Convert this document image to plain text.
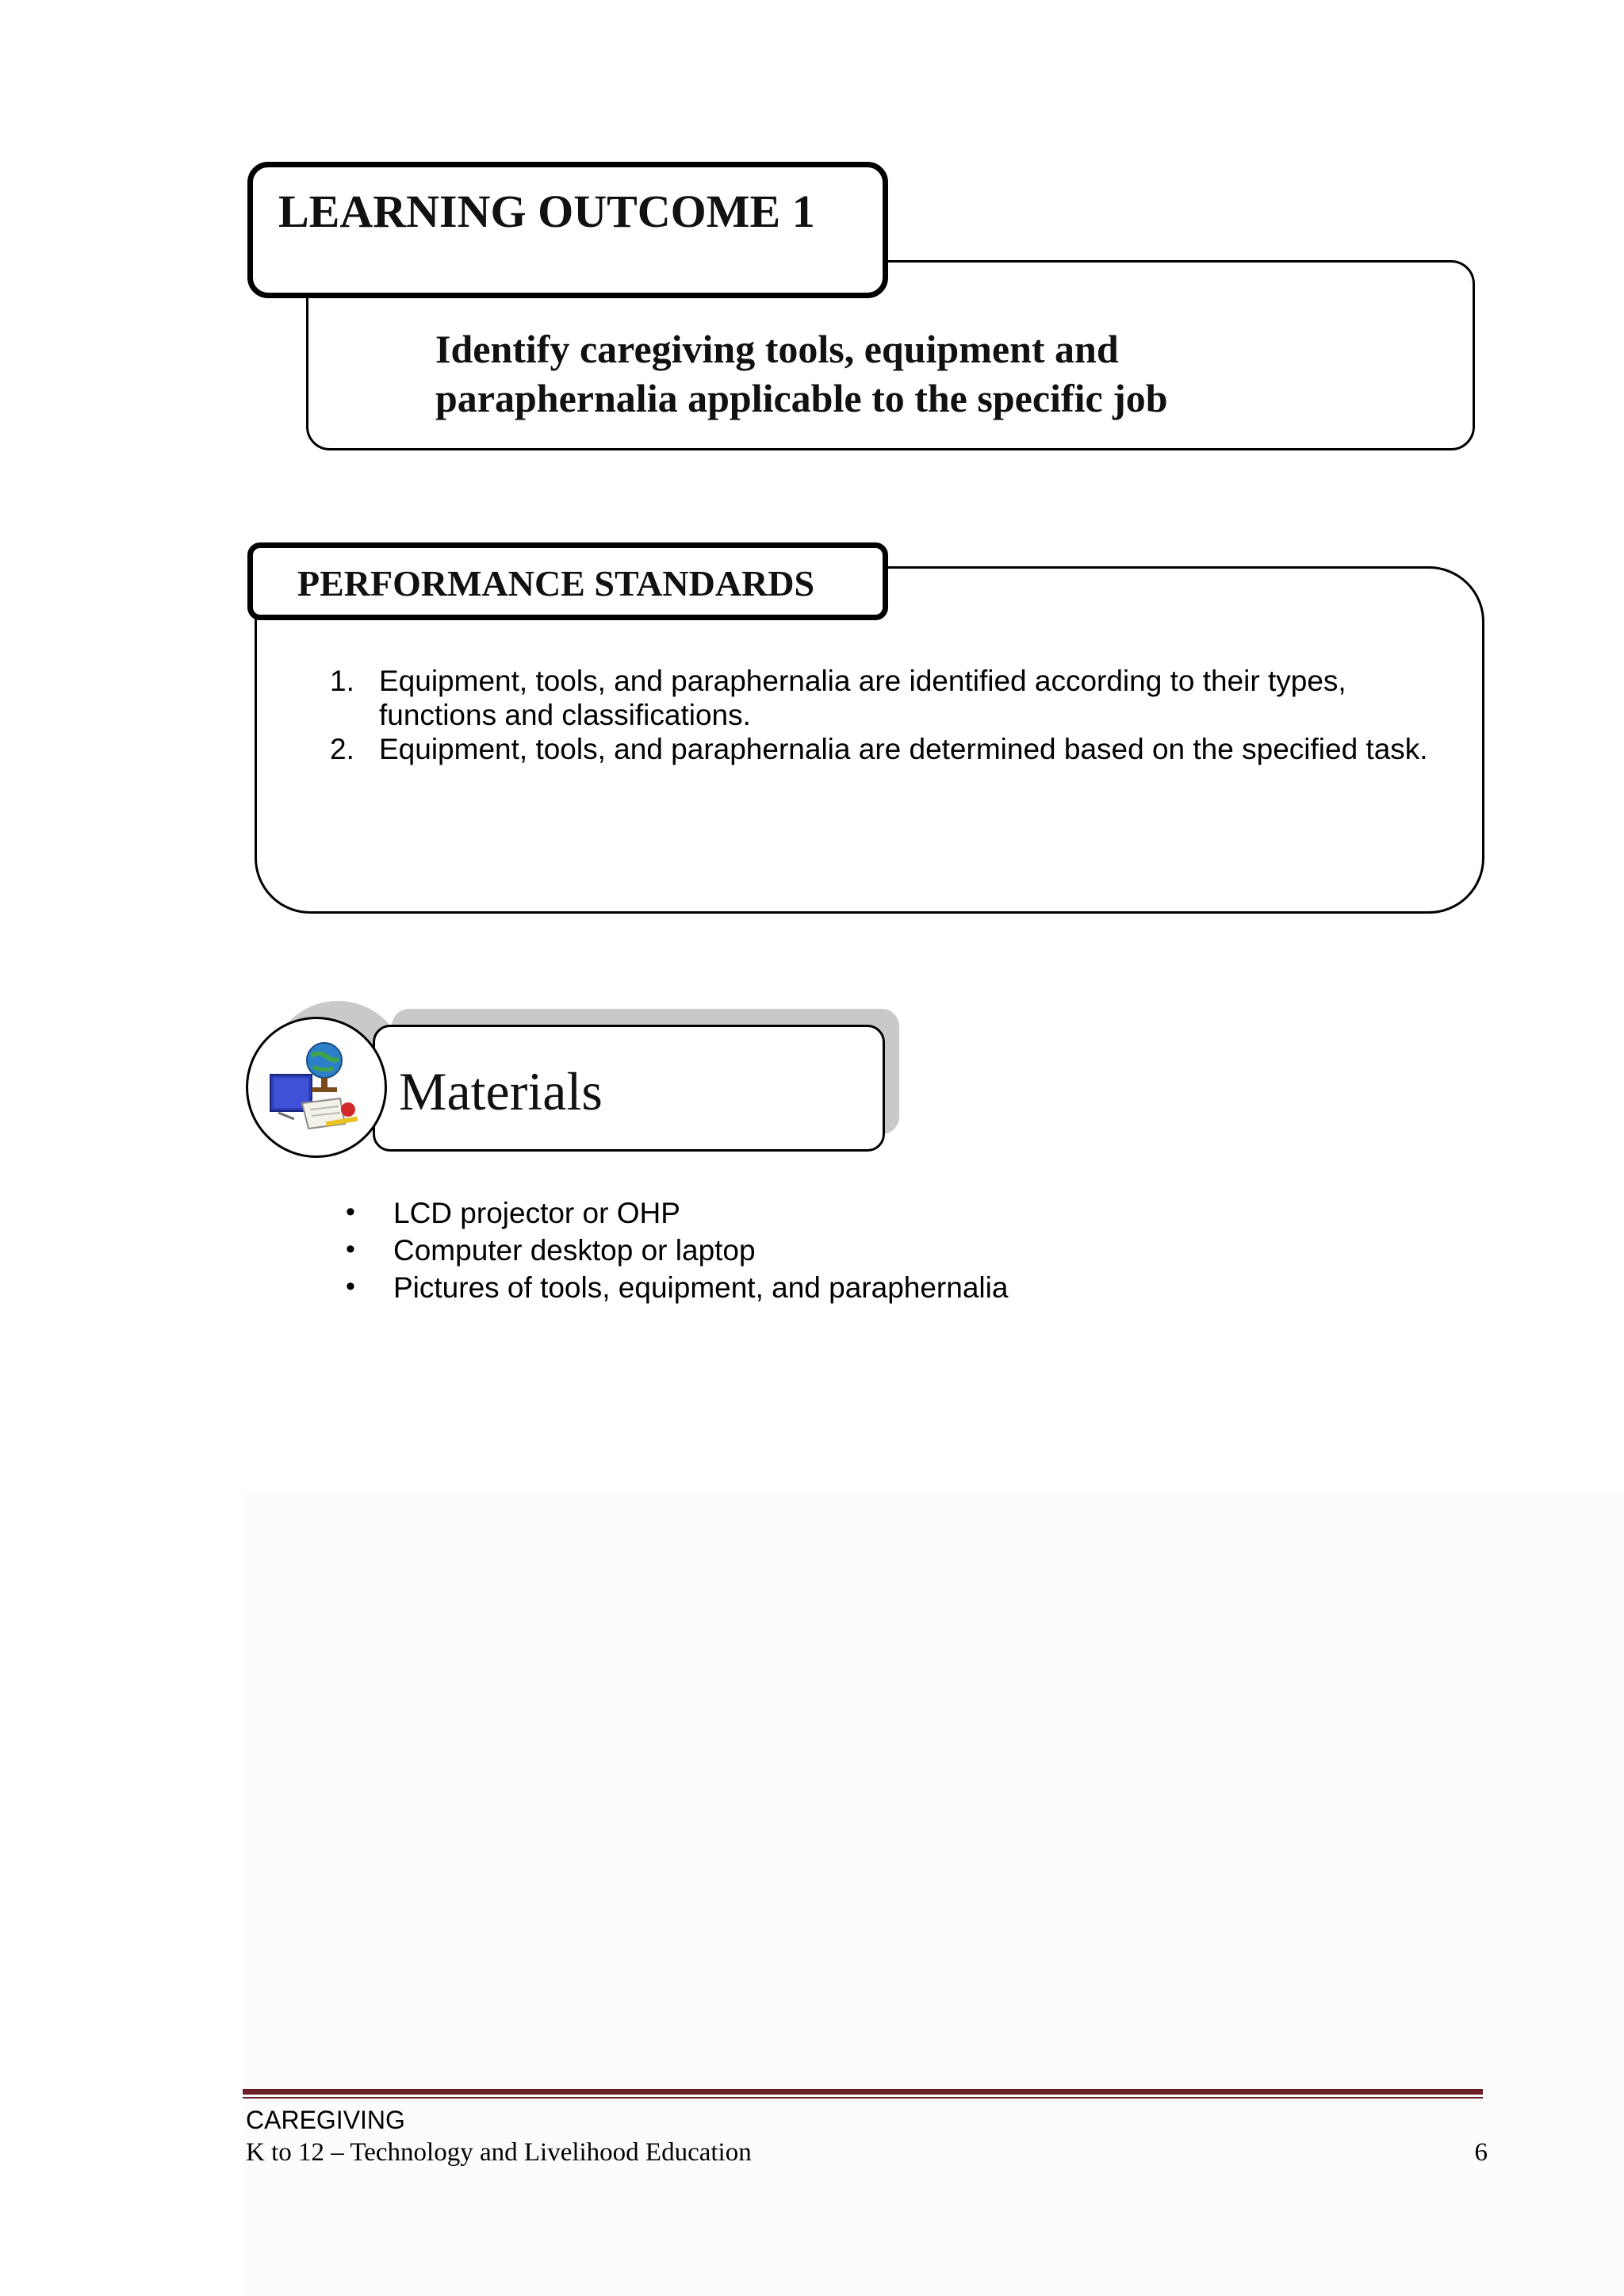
Identify caregiving tools, equipment and
paraphernalia applicable to the specific job
LEARNING OUTCOME 1
1. Equipment, tools, and paraphernalia are identified according to their types,
functions and classifications.
2. Equipment, tools, and paraphernalia are determined based on the specified task.
PERFORMANCE STANDARDS
Materials
• LCD projector or OHP
• Computer desktop or laptop
• Pictures of tools, equipment, and paraphernalia
CAREGIVING
K to 12 – Technology and Livelihood Education	6
